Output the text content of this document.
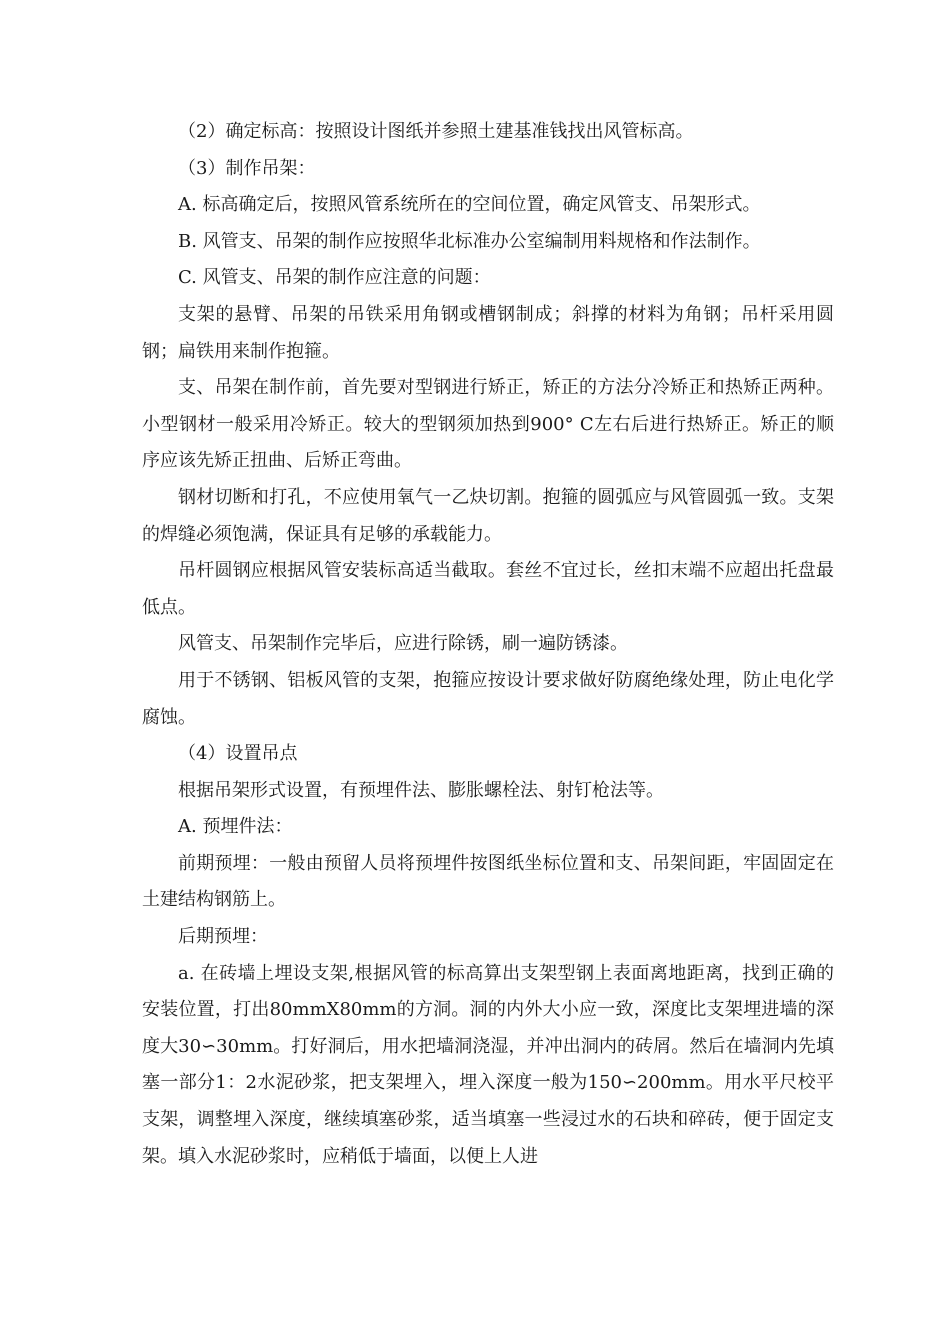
（2）确定标高：按照设计图纸并参照土建基准钱找出风管标高。

（3）制作吊架：

A. 标高确定后，按照风管系统所在的空间位置，确定风管支、吊架形式。

B. 风管支、吊架的制作应按照华北标准办公室编制用料规格和作法制作。

C. 风管支、吊架的制作应注意的问题：

支架的悬臂、吊架的吊铁采用角钢或槽钢制成；斜撑的材料为角钢；吊杆采用圆钢；扁铁用来制作抱箍。

支、吊架在制作前，首先要对型钢进行矫正，矫正的方法分冷矫正和热矫正两种。小型钢材一般采用冷矫正。较大的型钢须加热到900° C左右后进行热矫正。矫正的顺序应该先矫正扭曲、后矫正弯曲。

钢材切断和打孔，不应使用氧气一乙炔切割。抱箍的圆弧应与风管圆弧一致。支架的焊缝必须饱满，保证具有足够的承载能力。

吊杆圆钢应根据风管安装标高适当截取。套丝不宜过长，丝扣末端不应超出托盘最低点。

风管支、吊架制作完毕后，应进行除锈，刷一遍防锈漆。

用于不锈钢、铝板风管的支架，抱箍应按设计要求做好防腐绝缘处理，防止电化学腐蚀。

（4）设置吊点

根据吊架形式设置，有预埋件法、膨胀螺栓法、射钉枪法等。

A. 预埋件法：

前期预埋：一般由预留人员将预埋件按图纸坐标位置和支、吊架间距，牢固固定在土建结构钢筋上。

后期预埋：

a. 在砖墙上埋设支架,根据风管的标高算出支架型钢上表面离地距离，找到正确的安装位置，打出80mmX80mm的方洞。洞的内外大小应一致，深度比支架埋进墙的深度大30∽30mm。打好洞后，用水把墙洞浇湿，并冲出洞内的砖屑。然后在墙洞内先填塞一部分1：2水泥砂浆，把支架埋入，埋入深度一般为150∽200mm。用水平尺校平支架，调整埋入深度，继续填塞砂浆，适当填塞一些浸过水的石块和碎砖，便于固定支架。填入水泥砂浆时，应稍低于墙面，以便上人进
